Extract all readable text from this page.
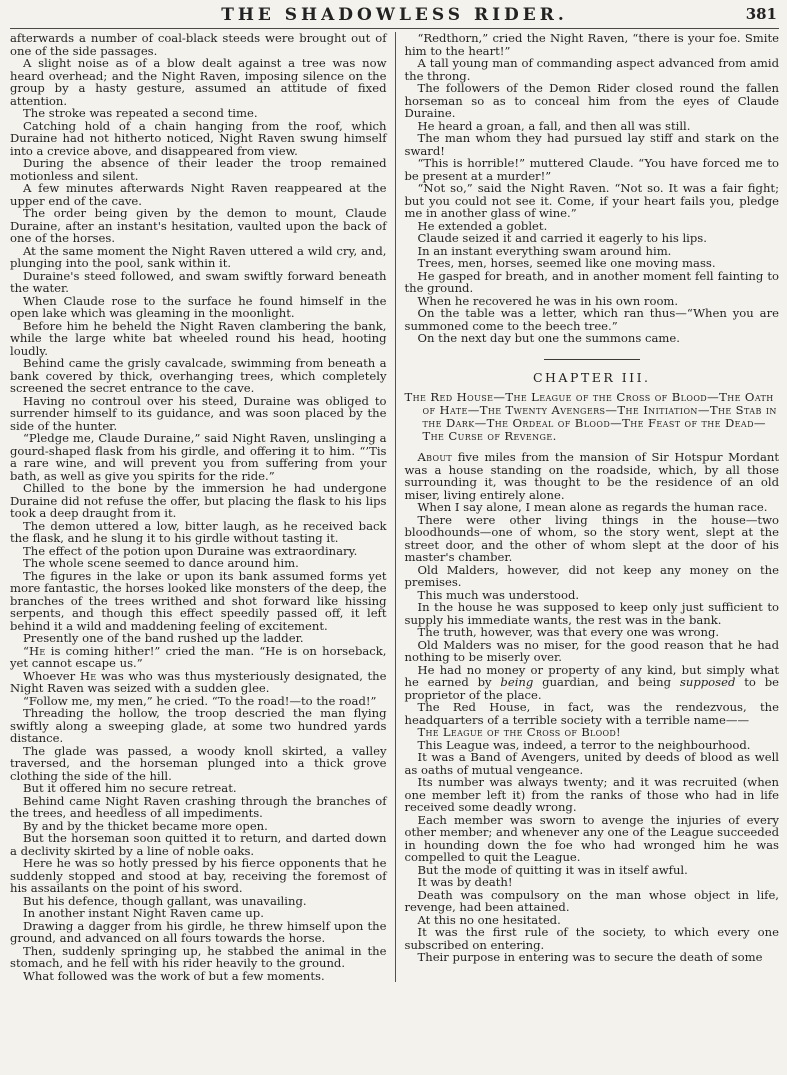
THE SHADOWLESS RIDER.	381

afterwards a number of coal-black steeds were brought out of one of the side passages.

A slight noise as of a blow dealt against a tree was now heard overhead; and the Night Raven, imposing silence on the group by a hasty gesture, assumed an attitude of fixed attention.

The stroke was repeated a second time.

Catching hold of a chain hanging from the roof, which Duraine had not hitherto noticed, Night Raven swung himself into a crevice above, and disappeared from view.

During the absence of their leader the troop remained motionless and silent.

A few minutes afterwards Night Raven reappeared at the upper end of the cave.

The order being given by the demon to mount, Claude Duraine, after an instant's hesitation, vaulted upon the back of one of the horses.

At the same moment the Night Raven uttered a wild cry, and, plunging into the pool, sank within it.

Duraine's steed followed, and swam swiftly forward beneath the water.

When Claude rose to the surface he found himself in the open lake which was gleaming in the moonlight.

Before him he beheld the Night Raven clambering the bank, while the large white bat wheeled round his head, hooting loudly.

Behind came the grisly cavalcade, swimming from beneath a bank covered by thick, overhanging trees, which completely screened the secret entrance to the cave.

Having no controul over his steed, Duraine was obliged to surrender himself to its guidance, and was soon placed by the side of the hunter.

“Pledge me, Claude Duraine,” said Night Raven, unslinging a gourd-shaped flask from his girdle, and offering it to him. “’Tis a rare wine, and will prevent you from suffering from your bath, as well as give you spirits for the ride.”

Chilled to the bone by the immersion he had undergone Duraine did not refuse the offer, but placing the flask to his lips took a deep draught from it.

The demon uttered a low, bitter laugh, as he received back the flask, and he slung it to his girdle without tasting it.

The effect of the potion upon Duraine was extraordinary.

The whole scene seemed to dance around him.

The figures in the lake or upon its bank assumed forms yet more fantastic, the horses looked like monsters of the deep, the branches of the trees writhed and shot forward like hissing serpents, and though this effect speedily passed off, it left behind it a wild and maddening feeling of excitement.

Presently one of the band rushed up the ladder.

“He is coming hither!” cried the man. “He is on horseback, yet cannot escape us.”

Whoever He was who was thus mysteriously designated, the Night Raven was seized with a sudden glee.

“Follow me, my men,” he cried. “To the road!—to the road!”

Threading the hollow, the troop descried the man flying swiftly along a sweeping glade, at some two hundred yards distance.

The glade was passed, a woody knoll skirted, a valley traversed, and the horseman plunged into a thick grove clothing the side of the hill.

But it offered him no secure retreat.

Behind came Night Raven crashing through the branches of the trees, and heedless of all impediments.

By and by the thicket became more open.

But the horseman soon quitted it to return, and darted down a declivity skirted by a line of noble oaks.

Here he was so hotly pressed by his fierce opponents that he suddenly stopped and stood at bay, receiving the foremost of his assailants on the point of his sword.

But his defence, though gallant, was unavailing.

In another instant Night Raven came up.

Drawing a dagger from his girdle, he threw himself upon the ground, and advanced on all fours towards the horse.

Then, suddenly springing up, he stabbed the animal in the stomach, and he fell with his rider heavily to the ground.

What followed was the work of but a few moments.

“Redthorn,” cried the Night Raven, “there is your foe. Smite him to the heart!”

A tall young man of commanding aspect advanced from amid the throng.

The followers of the Demon Rider closed round the fallen horseman so as to conceal him from the eyes of Claude Duraine.

He heard a groan, a fall, and then all was still.

The man whom they had pursued lay stiff and stark on the sward!

“This is horrible!” muttered Claude. “You have forced me to be present at a murder!”

“Not so,” said the Night Raven. “Not so. It was a fair fight; but you could not see it. Come, if your heart fails you, pledge me in another glass of wine.”

He extended a goblet.

Claude seized it and carried it eagerly to his lips.

In an instant everything swam around him.

Trees, men, horses, seemed like one moving mass.

He gasped for breath, and in another moment fell fainting to the ground.

When he recovered he was in his own room.

On the table was a letter, which ran thus—“When you are summoned come to the beech tree.”

On the next day but one the summons came.

CHAPTER III.

The Red House—The League of the Cross of Blood—The Oath of Hate—The Twenty Avengers—The Initiation—The Stab in the Dark—The Ordeal of Blood—The Feast of the Dead—The Curse of Revenge.

About five miles from the mansion of Sir Hotspur Mordant was a house standing on the roadside, which, by all those surrounding it, was thought to be the residence of an old miser, living entirely alone.

When I say alone, I mean alone as regards the human race.

There were other living things in the house—two bloodhounds—one of whom, so the story went, slept at the street door, and the other of whom slept at the door of his master's chamber.

Old Malders, however, did not keep any money on the premises.

This much was understood.

In the house he was supposed to keep only just sufficient to supply his immediate wants, the rest was in the bank.

The truth, however, was that every one was wrong.

Old Malders was no miser, for the good reason that he had nothing to be miserly over.

He had no money or property of any kind, but simply what he earned by being guardian, and being supposed to be proprietor of the place.

The Red House, in fact, was the rendezvous, the headquarters of a terrible society with a terrible name——

The League of the Cross of Blood!

This League was, indeed, a terror to the neighbourhood.

It was a Band of Avengers, united by deeds of blood as well as oaths of mutual vengeance.

Its number was always twenty; and it was recruited (when one member left it) from the ranks of those who had in life received some deadly wrong.

Each member was sworn to avenge the injuries of every other member; and whenever any one of the League succeeded in hounding down the foe who had wronged him he was compelled to quit the League.

But the mode of quitting it was in itself awful.

It was by death!

Death was compulsory on the man whose object in life, revenge, had been attained.

At this no one hesitated.

It was the first rule of the society, to which every one subscribed on entering.

Their purpose in entering was to secure the death of some
